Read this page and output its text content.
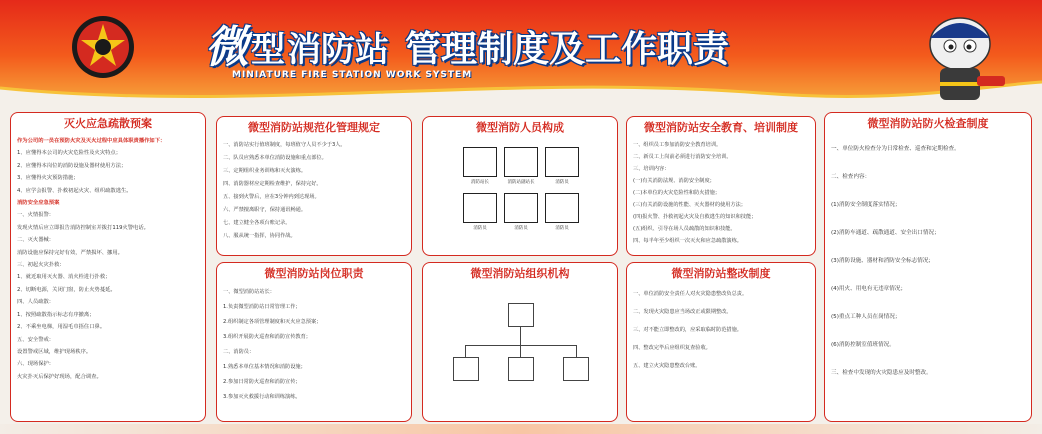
微 型 消防站 管理制度及工作职责
MINIATURE FIRE STATION WORK SYSTEM
灭火应急疏散预案

作为公司的一员在预防火灾及灭火过程中应具体职责播作如下：

1、应懂得本公司的火灾危险性及火灾特点；

2、应懂得本岗位的消防设施及器材使用方法；

3、应懂得火灾预防措施；

4、应学会报警、扑救初起火灾、组织疏散逃生。

消防安全应急预案

一、火情报警：

发现火情后应立即报告消防控制室并拨打119火警电话。

二、灭火器械：

消防设施应保持完好有效，严禁损坏、挪用。

三、初起火灾扑救：

1、就近取用灭火器、消火栓进行扑救；

2、切断电源，关闭门窗，防止火势蔓延。

四、人员疏散：

1、按照疏散指示标志有序撤离；

2、不乘坐电梯，用湿毛巾捂住口鼻。

五、安全警戒：

设置警戒区域，维护现场秩序。

六、现场保护：

火灾扑灭后保护好现场，配合调查。

微型消防站规范化管理规定

一、消防站实行值班制度，每班值守人员不少于3人。

二、队员应熟悉本单位消防设施和重点部位。

三、定期组织业务训练和灭火演练。

四、消防器材应定期检查维护，保持完好。

五、接到火警后，应在3分钟内到达现场。

六、严禁擅离职守，保持通讯畅通。

七、建立健全各项台账记录。

八、服从统一指挥，协同作战。

微型消防站岗位职责

一、微型消防站站长：

1.负责微型消防站日常管理工作；

2.组织制定各项管理制度和灭火应急预案；

3.组织开展防火巡查和消防宣传教育；

二、消防员：

1.熟悉本单位基本情况和消防设施；

2.参加日常防火巡查和消防宣传；

3.参加灭火救援行动和训练演练。

微型消防人员构成
消防站长	消防站副站长	消防员
消防员	消防员	消防员
微型消防站组织机构
微型消防站安全教育、培训制度

一、组织员工参加消防安全教育培训。

二、新员工上岗前必须进行消防安全培训。

三、培训内容：

(一)有关消防法规、消防安全制度；

(二)本单位的火灾危险性和防火措施；

(三)有关消防设施的性能、灭火器材的使用方法；

(四)报火警、扑救初起火灾及自救逃生的知识和技能；

(五)组织、引导在场人员疏散的知识和技能。

四、每半年至少组织一次灭火和应急疏散演练。

微型消防站整改制度

一、单位消防安全责任人对火灾隐患整改负总责。

二、发现火灾隐患应当场改正或限期整改。

三、对不能立即整改的，应采取临时防范措施。

四、整改完毕后应组织复查验收。

五、建立火灾隐患整改台账。

微型消防站防火检查制度

一、单位防火检查分为日常检查、巡查和定期检查。

二、检查内容：

(1)消防安全制度落实情况；

(2)消防车通道、疏散通道、安全出口情况；

(3)消防设施、器材和消防安全标志情况；

(4)用火、用电有无违章情况；

(5)重点工种人员在岗情况；

(6)消防控制室值班情况。

三、检查中发现的火灾隐患应及时整改。
